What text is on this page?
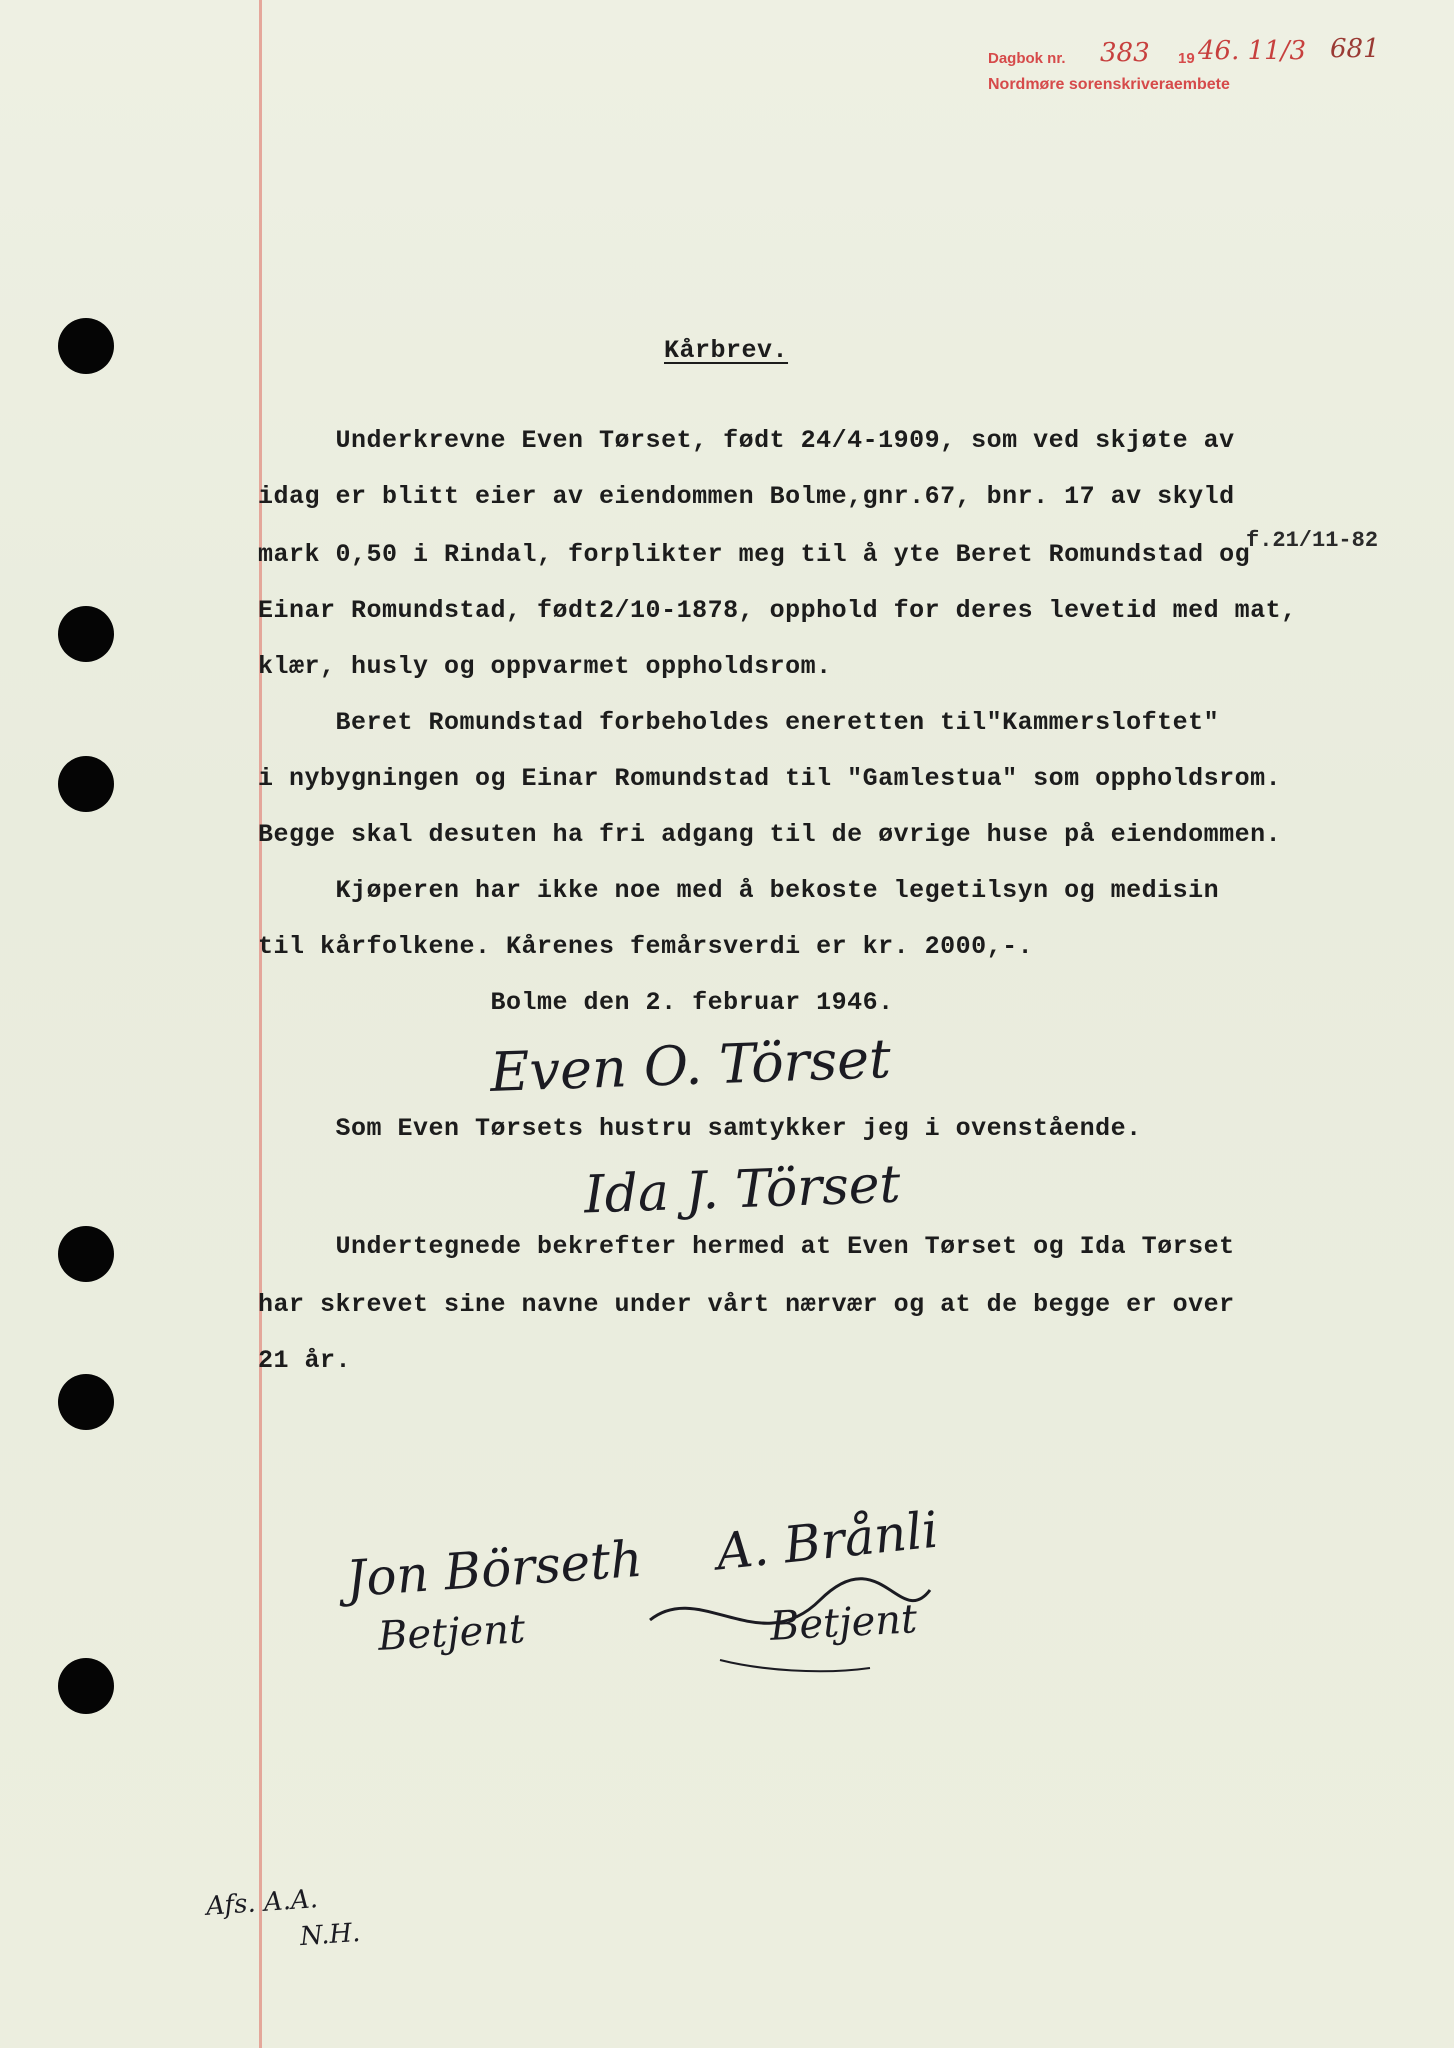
Dagbok nr. 383 19 46. 11/3 681
Nordmøre sorenskriveraembete
Kårbrev.
Underkrevne Even Tørset, født 24/4-1909, som ved skjøte av
idag er blitt eier av eiendommen Bolme,gnr.67, bnr. 17 av skyld
mark 0,50 i Rindal, forplikter meg til å yte Beret Romundstad og
Einar Romundstad, født2/10-1878, opphold for deres levetid med mat,
klær, husly og oppvarmet oppholdsrom.
Beret Romundstad forbeholdes eneretten til"Kammersloftet"
i nybygningen og Einar Romundstad til "Gamlestua" som oppholdsrom.
Begge skal desuten ha fri adgang til de øvrige huse på eiendommen.
Kjøperen har ikke noe med å bekoste legetilsyn og medisin
til kårfolkene. Kårenes femårsverdi er kr. 2000,-.
Bolme den 2. februar 1946.
f.21/11-82
Even O. Törset
Som Even Tørsets hustru samtykker jeg i ovenstående.
Ida J. Törset
Undertegnede bekrefter hermed at Even Tørset og Ida Tørset
har skrevet sine navne under vårt nærvær og at de begge er over
21 år.
Jon Börseth
Betjent
A. Brånli
Betjent
Afs. A.A.
N.H.
